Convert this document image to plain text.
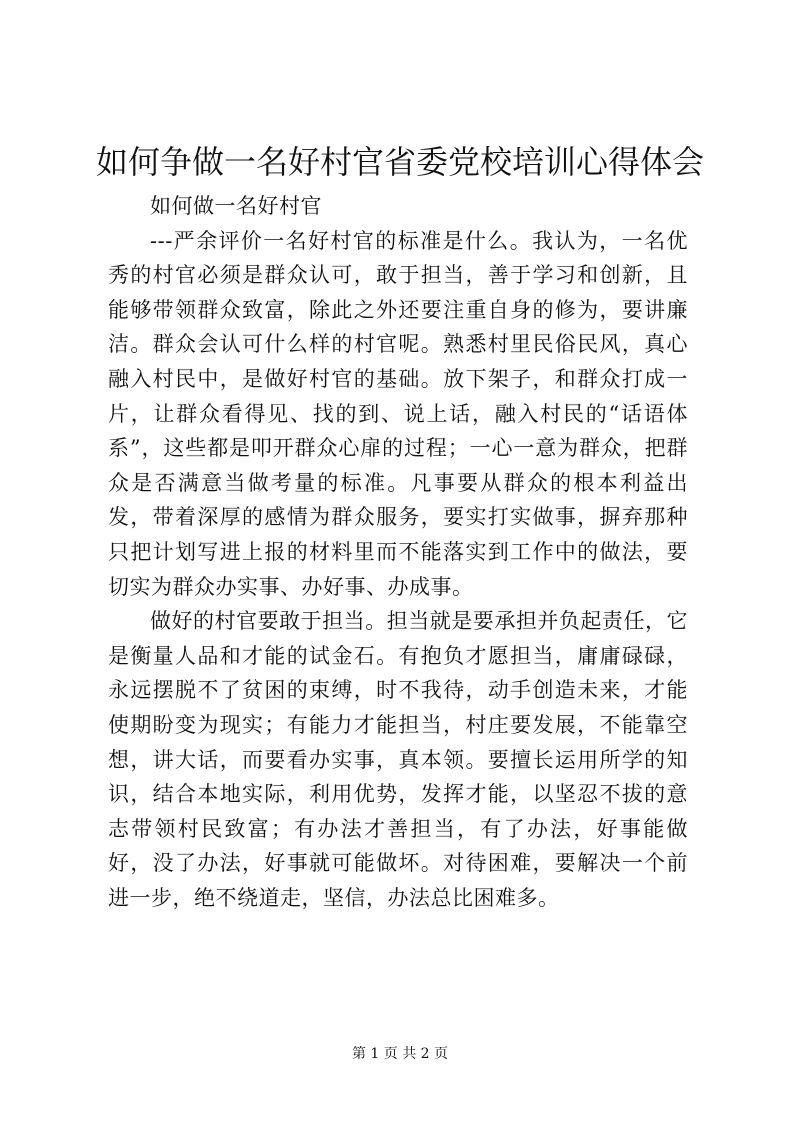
如何争做一名好村官省委党校培训心得体会

如何做一名好村官

---严余评价一名好村官的标准是什么。我认为，一名优秀的村官必须是群众认可，敢于担当，善于学习和创新，且能够带领群众致富，除此之外还要注重自身的修为，要讲廉洁。群众会认可什么样的村官呢。熟悉村里民俗民风，真心融入村民中，是做好村官的基础。放下架子，和群众打成一片，让群众看得见、找的到、说上话，融入村民的“话语体系”，这些都是叩开群众心扉的过程；一心一意为群众，把群众是否满意当做考量的标准。凡事要从群众的根本利益出发，带着深厚的感情为群众服务，要实打实做事，摒弃那种只把计划写进上报的材料里而不能落实到工作中的做法，要切实为群众办实事、办好事、办成事。

做好的村官要敢于担当。担当就是要承担并负起责任，它是衡量人品和才能的试金石。有抱负才愿担当，庸庸碌碌，永远摆脱不了贫困的束缚，时不我待，动手创造未来，才能使期盼变为现实；有能力才能担当，村庄要发展，不能靠空想，讲大话，而要看办实事，真本领。要擅长运用所学的知识，结合本地实际，利用优势，发挥才能，以坚忍不拔的意志带领村民致富；有办法才善担当，有了办法，好事能做好，没了办法，好事就可能做坏。对待困难，要解决一个前进一步，绝不绕道走，坚信，办法总比困难多。

第 1 页 共 2 页
